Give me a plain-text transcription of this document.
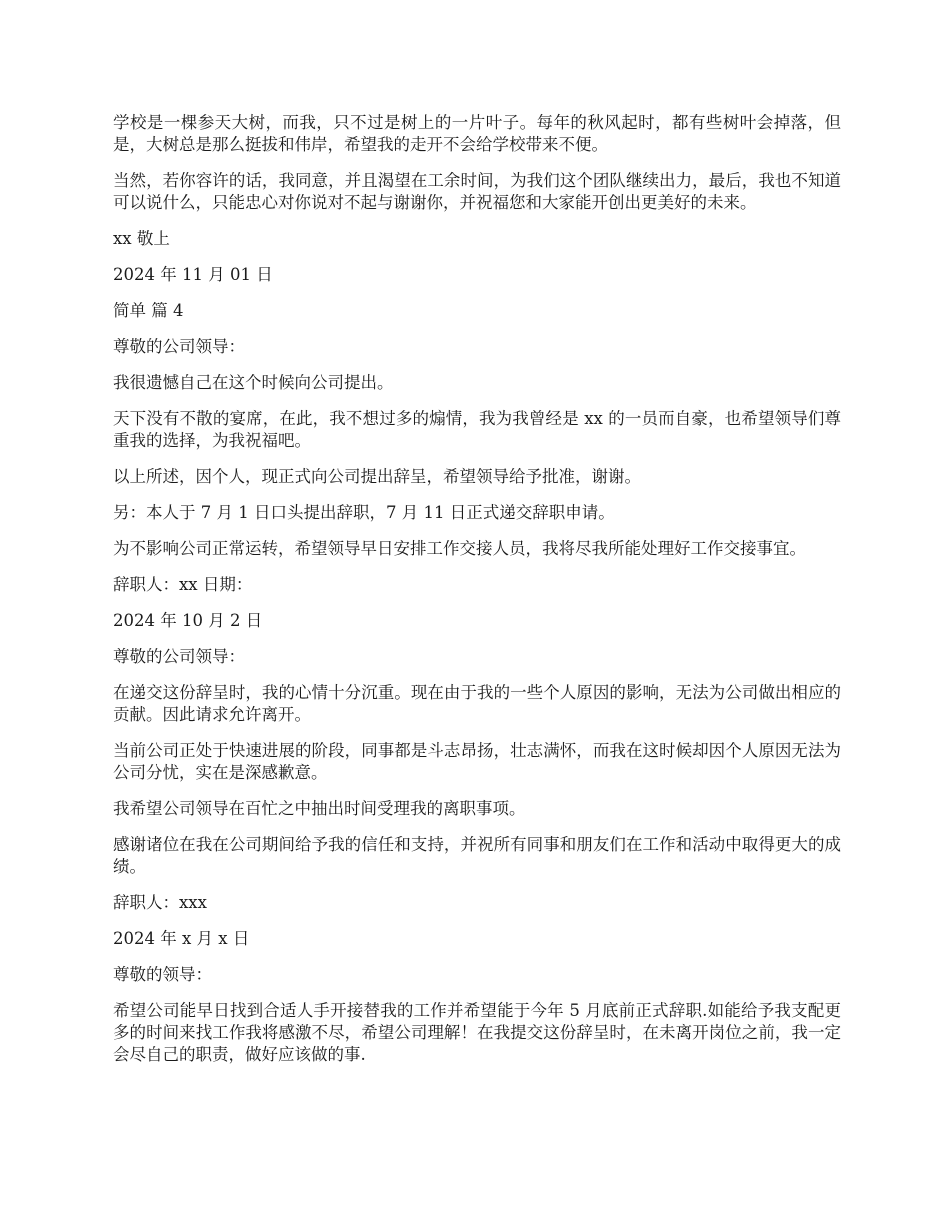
学校是一棵参天大树，而我，只不过是树上的一片叶子。每年的秋风起时，都有些树叶会掉落，但是，大树总是那么挺拔和伟岸，希望我的走开不会给学校带来不便。

当然，若你容许的话，我同意，并且渴望在工余时间，为我们这个团队继续出力，最后，我也不知道可以说什么，只能忠心对你说对不起与谢谢你，并祝福您和大家能开创出更美好的未来。

xx 敬上

2024 年 11 月 01 日

简单 篇 4

尊敬的公司领导：

我很遗憾自己在这个时候向公司提出。

天下没有不散的宴席，在此，我不想过多的煽情，我为我曾经是 xx 的一员而自豪，也希望领导们尊重我的选择，为我祝福吧。

以上所述，因个人，现正式向公司提出辞呈，希望领导给予批准，谢谢。

另：本人于 7 月 1 日口头提出辞职，7 月 11 日正式递交辞职申请。

为不影响公司正常运转，希望领导早日安排工作交接人员，我将尽我所能处理好工作交接事宜。

辞职人：xx 日期：

2024 年 10 月 2 日

尊敬的公司领导：

在递交这份辞呈时，我的心情十分沉重。现在由于我的一些个人原因的影响，无法为公司做出相应的贡献。因此请求允许离开。

当前公司正处于快速进展的阶段，同事都是斗志昂扬，壮志满怀，而我在这时候却因个人原因无法为公司分忧，实在是深感歉意。

我希望公司领导在百忙之中抽出时间受理我的离职事项。

感谢诸位在我在公司期间给予我的信任和支持，并祝所有同事和朋友们在工作和活动中取得更大的成绩。

辞职人：xxx

2024 年 x 月 x 日

尊敬的领导：

希望公司能早日找到合适人手开接替我的工作并希望能于今年 5 月底前正式辞职.如能给予我支配更多的时间来找工作我将感激不尽，希望公司理解！在我提交这份辞呈时，在未离开岗位之前，我一定会尽自己的职责，做好应该做的事.
